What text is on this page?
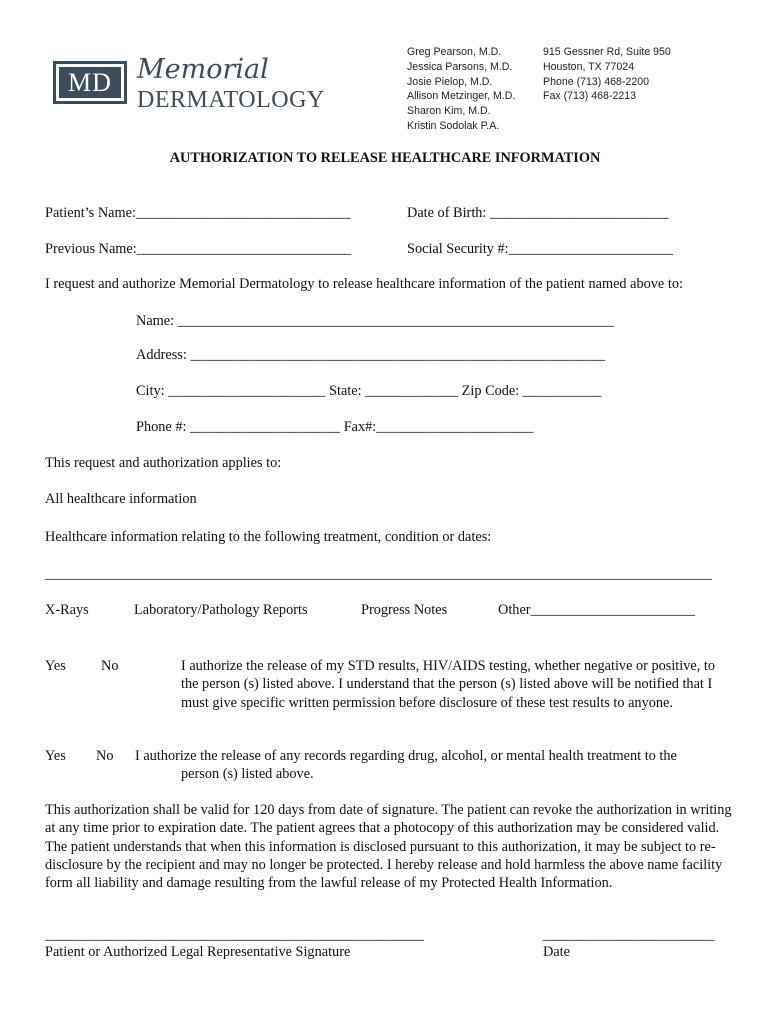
MD Memorial
DERMATOLOGY
Greg Pearson, M.D.
Jessica Parsons, M.D.
Josie Pielop, M.D.
Allison Metzinger, M.D.
Sharon Kim, M.D.
Kristin Sodolak P.A.
915 Gessner Rd, Suite 950
Houston, TX 77024
Phone (713) 468-2200
Fax (713) 468-2213
AUTHORIZATION TO RELEASE HEALTHCARE INFORMATION
Patient’s Name:______________________________	Date of Birth: _________________________
Previous Name:______________________________	Social Security #:_______________________
I request and authorize Memorial Dermatology to release healthcare information of the patient named above to:
Name: _____________________________________________________________
Address: __________________________________________________________
City: ______________________ State: _____________ Zip Code: ___________
Phone #: _____________________ Fax#:______________________
This request and authorization applies to:
All healthcare information
Healthcare information relating to the following treatment, condition or dates:
______________________________________________________________________________________________
X-Rays	Laboratory/Pathology Reports	Progress Notes	Other_______________________
Yes No	I authorize the release of my STD results, HIV/AIDS testing, whether negative or positive, to the person (s) listed above. I understand that the person (s) listed above will be notified that I must give specific written permission before disclosure of these test results to anyone.
Yes No I authorize the release of any records regarding drug, alcohol, or mental health treatment to the
person (s) listed above.
This authorization shall be valid for 120 days from date of signature. The patient can revoke the authorization in writing at any time prior to expiration date. The patient agrees that a photocopy of this authorization may be considered valid. The patient understands that when this information is disclosed pursuant to this authorization, it may be subject to re-disclosure by the recipient and may no longer be protected. I hereby release and hold harmless the above name facility form all liability and damage resulting from the lawful release of my Protected Health Information.
_____________________________________________________	________________________
Patient or Authorized Legal Representative Signature	Date
